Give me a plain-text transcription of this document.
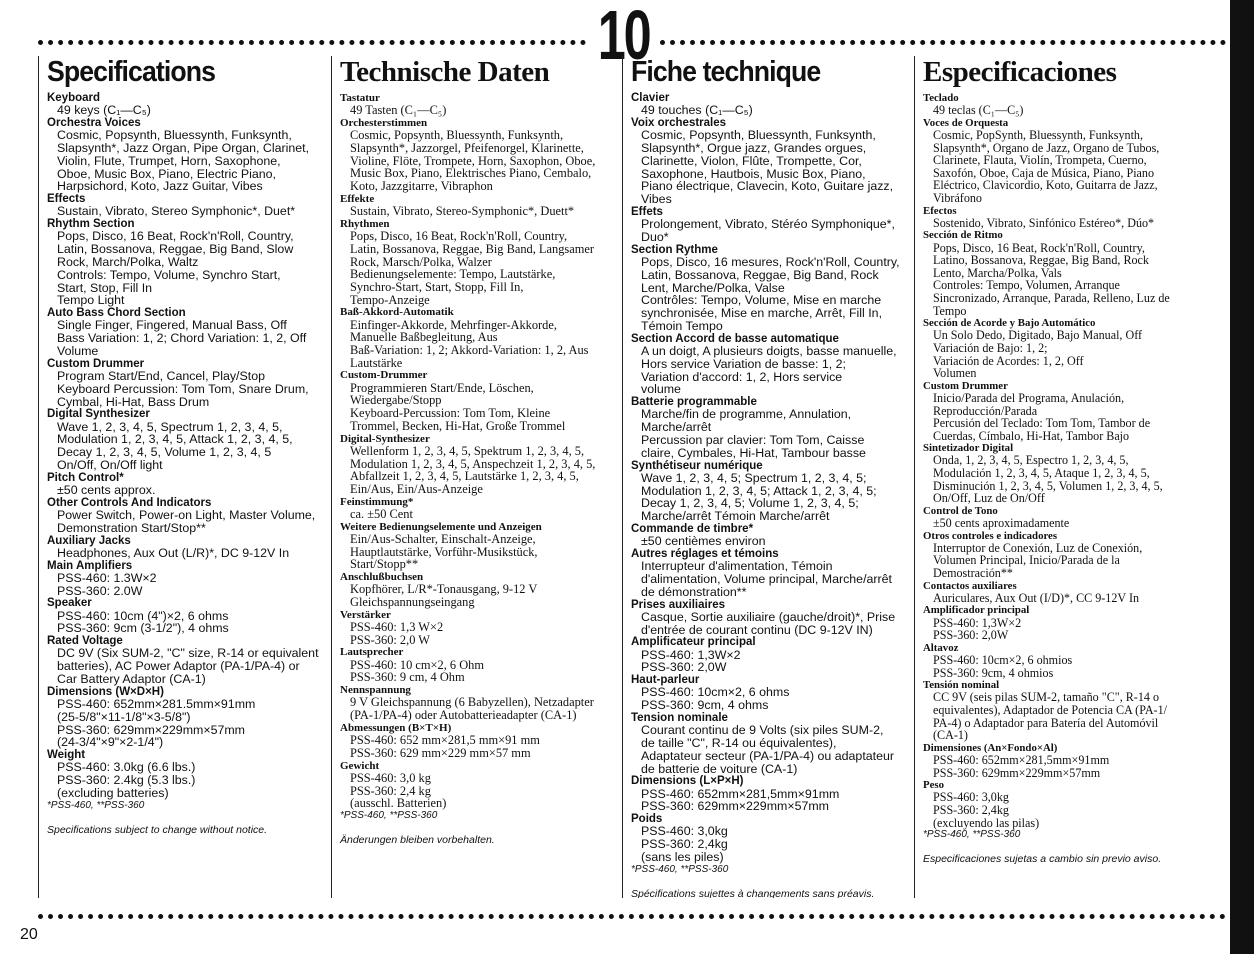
10
Specifications
Keyboard
49 keys (C₁—C₅)
Orchestra Voices
Cosmic, Popsynth, Bluessynth, Funksynth,
Slapsynth*, Jazz Organ, Pipe Organ, Clarinet,
Violin, Flute, Trumpet, Horn, Saxophone,
Oboe, Music Box, Piano, Electric Piano,
Harpsichord, Koto, Jazz Guitar, Vibes
Effects
Sustain, Vibrato, Stereo Symphonic*, Duet*
Rhythm Section
Pops, Disco, 16 Beat, Rock'n'Roll, Country,
Latin, Bossanova, Reggae, Big Band, Slow
Rock, March/Polka, Waltz
Controls: Tempo, Volume, Synchro Start,
Start, Stop, Fill In
Tempo Light
Auto Bass Chord Section
Single Finger, Fingered, Manual Bass, Off
Bass Variation: 1, 2; Chord Variation: 1, 2, Off
Volume
Custom Drummer
Program Start/End, Cancel, Play/Stop
Keyboard Percussion: Tom Tom, Snare Drum,
Cymbal, Hi-Hat, Bass Drum
Digital Synthesizer
Wave 1, 2, 3, 4, 5, Spectrum 1, 2, 3, 4, 5,
Modulation 1, 2, 3, 4, 5, Attack 1, 2, 3, 4, 5,
Decay 1, 2, 3, 4, 5, Volume 1, 2, 3, 4, 5
On/Off, On/Off light
Pitch Control*
±50 cents approx.
Other Controls And Indicators
Power Switch, Power-on Light, Master Volume,
Demonstration Start/Stop**
Auxiliary Jacks
Headphones, Aux Out (L/R)*, DC 9-12V In
Main Amplifiers
PSS-460: 1.3W×2
PSS-360: 2.0W
Speaker
PSS-460: 10cm (4")×2, 6 ohms
PSS-360: 9cm (3-1/2"), 4 ohms
Rated Voltage
DC 9V (Six SUM-2, "C" size, R-14 or equivalent
batteries), AC Power Adaptor (PA-1/PA-4) or
Car Battery Adaptor (CA-1)
Dimensions (W×D×H)
PSS-460: 652mm×281.5mm×91mm
(25-5/8"×11-1/8"×3-5/8")
PSS-360: 629mm×229mm×57mm
(24-3/4"×9"×2-1/4")
Weight
PSS-460: 3.0kg (6.6 lbs.)
PSS-360: 2.4kg (5.3 lbs.)
(excluding batteries)
*PSS-460, **PSS-360
Specifications subject to change without notice.
Technische Daten
Tastatur
49 Tasten (C₁—C₅)
Orchesterstimmen
Cosmic, Popsynth, Bluessynth, Funksynth,
Slapsynth*, Jazzorgel, Pfeifenorgel, Klarinette,
Violine, Flöte, Trompete, Horn, Saxophon, Oboe,
Music Box, Piano, Elektrisches Piano, Cembalo,
Koto, Jazzgitarre, Vibraphon
Effekte
Sustain, Vibrato, Stereo-Symphonic*, Duett*
Rhythmen
Pops, Disco, 16 Beat, Rock'n'Roll, Country,
Latin, Bossanova, Reggae, Big Band, Langsamer
Rock, Marsch/Polka, Walzer
Bedienungselemente: Tempo, Lautstärke,
Synchro-Start, Start, Stopp, Fill In,
Tempo-Anzeige
Baß-Akkord-Automatik
Einfinger-Akkorde, Mehrfinger-Akkorde,
Manuelle Baßbegleitung, Aus
Baß-Variation: 1, 2; Akkord-Variation: 1, 2, Aus
Lautstärke
Custom-Drummer
Programmieren Start/Ende, Löschen,
Wiedergabe/Stopp
Keyboard-Percussion: Tom Tom, Kleine
Trommel, Becken, Hi-Hat, Große Trommel
Digital-Synthesizer
Wellenform 1, 2, 3, 4, 5, Spektrum 1, 2, 3, 4, 5,
Modulation 1, 2, 3, 4, 5, Anspechzeit 1, 2, 3, 4, 5,
Abfallzeit 1, 2, 3, 4, 5, Lautstärke 1, 2, 3, 4, 5,
Ein/Aus, Ein/Aus-Anzeige
Feinstimmung*
ca. ±50 Cent
Weitere Bedienungselemente und Anzeigen
Ein/Aus-Schalter, Einschalt-Anzeige,
Hauptlautstärke, Vorführ-Musikstück,
Start/Stopp**
Anschlußbuchsen
Kopfhörer, L/R*-Tonausgang, 9-12 V
Gleichspannungseingang
Verstärker
PSS-460: 1,3 W×2
PSS-360: 2,0 W
Lautsprecher
PSS-460: 10 cm×2, 6 Ohm
PSS-360: 9 cm, 4 Ohm
Nennspannung
9 V Gleichspannung (6 Babyzellen), Netzadapter
(PA-1/PA-4) oder Autobatterieadapter (CA-1)
Abmessungen (B×T×H)
PSS-460: 652 mm×281,5 mm×91 mm
PSS-360: 629 mm×229 mm×57 mm
Gewicht
PSS-460: 3,0 kg
PSS-360: 2,4 kg
(ausschl. Batterien)
*PSS-460, **PSS-360
Änderungen bleiben vorbehalten.
Fiche technique
Clavier
49 touches (C₁—C₅)
Voix orchestrales
Cosmic, Popsynth, Bluessynth, Funksynth,
Slapsynth*, Orgue jazz, Grandes orgues,
Clarinette, Violon, Flûte, Trompette, Cor,
Saxophone, Hautbois, Music Box, Piano,
Piano électrique, Clavecin, Koto, Guitare jazz,
Vibes
Effets
Prolongement, Vibrato, Stéréo Symphonique*,
Duo*
Section Rythme
Pops, Disco, 16 mesures, Rock'n'Roll, Country,
Latin, Bossanova, Reggae, Big Band, Rock
Lent, Marche/Polka, Valse
Contrôles: Tempo, Volume, Mise en marche
synchronisée, Mise en marche, Arrêt, Fill In,
Témoin Tempo
Section Accord de basse automatique
A un doigt, A plusieurs doigts, basse manuelle,
Hors service Variation de basse: 1, 2;
Variation d'accord: 1, 2, Hors service
volume
Batterie programmable
Marche/fin de programme, Annulation,
Marche/arrêt
Percussion par clavier: Tom Tom, Caisse
claire, Cymbales, Hi-Hat, Tambour basse
Synthétiseur numérique
Wave 1, 2, 3, 4, 5; Spectrum 1, 2, 3, 4, 5;
Modulation 1, 2, 3, 4, 5; Attack 1, 2, 3, 4, 5;
Decay 1, 2, 3, 4, 5; Volume 1, 2, 3, 4, 5;
Marche/arrêt Témoin Marche/arrêt
Commande de timbre*
±50 centièmes environ
Autres réglages et témoins
Interrupteur d'alimentation, Témoin
d'alimentation, Volume principal, Marche/arrêt
de démonstration**
Prises auxiliaires
Casque, Sortie auxiliaire (gauche/droit)*, Prise
d'entrée de courant continu (DC 9-12V IN)
Amplificateur principal
PSS-460: 1,3W×2
PSS-360: 2,0W
Haut-parleur
PSS-460: 10cm×2, 6 ohms
PSS-360: 9cm, 4 ohms
Tension nominale
Courant continu de 9 Volts (six piles SUM-2,
de taille "C", R-14 ou équivalentes),
Adaptateur secteur (PA-1/PA-4) ou adaptateur
de batterie de voiture (CA-1)
Dimensions (L×P×H)
PSS-460: 652mm×281,5mm×91mm
PSS-360: 629mm×229mm×57mm
Poids
PSS-460: 3,0kg
PSS-360: 2,4kg
(sans les piles)
*PSS-460, **PSS-360
Spécifications sujettes à changements sans préavis.
Especificaciones
Teclado
49 teclas (C₁—C₅)
Voces de Orquesta
Cosmic, PopSynth, Bluessynth, Funksynth,
Slapsynth*, Organo de Jazz, Organo de Tubos,
Clarinete, Flauta, Violín, Trompeta, Cuerno,
Saxofón, Oboe, Caja de Música, Piano, Piano
Eléctrico, Clavicordio, Koto, Guitarra de Jazz,
Vibráfono
Efectos
Sostenido, Vibrato, Sinfónico Estéreo*, Dúo*
Sección de Ritmo
Pops, Disco, 16 Beat, Rock'n'Roll, Country,
Latino, Bossanova, Reggae, Big Band, Rock
Lento, Marcha/Polka, Vals
Controles: Tempo, Volumen, Arranque
Sincronizado, Arranque, Parada, Relleno, Luz de
Tempo
Sección de Acorde y Bajo Automático
Un Solo Dedo, Digitado, Bajo Manual, Off
Variación de Bajo: 1, 2;
Variación de Acordes: 1, 2, Off
Volumen
Custom Drummer
Inicio/Parada del Programa, Anulación,
Reproducción/Parada
Percusión del Teclado: Tom Tom, Tambor de
Cuerdas, Címbalo, Hi-Hat, Tambor Bajo
Sintetizador Digital
Onda, 1, 2, 3, 4, 5, Espectro 1, 2, 3, 4, 5,
Modulación 1, 2, 3, 4, 5, Ataque 1, 2, 3, 4, 5,
Disminución 1, 2, 3, 4, 5, Volumen 1, 2, 3, 4, 5,
On/Off, Luz de On/Off
Control de Tono
±50 cents aproximadamente
Otros controles e indicadores
Interruptor de Conexión, Luz de Conexión,
Volumen Principal, Inicio/Parada de la
Demostración**
Contactos auxiliares
Auriculares, Aux Out (I/D)*, CC 9-12V In
Amplificador principal
PSS-460: 1,3W×2
PSS-360: 2,0W
Altavoz
PSS-460: 10cm×2, 6 ohmios
PSS-360: 9cm, 4 ohmios
Tensión nominal
CC 9V (seis pilas SUM-2, tamaño "C", R-14 o
equivalentes), Adaptador de Potencia CA (PA-1/
PA-4) o Adaptador para Batería del Automóvil
(CA-1)
Dimensiones (An×Fondo×Al)
PSS-460: 652mm×281,5mm×91mm
PSS-360: 629mm×229mm×57mm
Peso
PSS-460: 3,0kg
PSS-360: 2,4kg
(excluyendo las pilas)
*PSS-460, **PSS-360
Especificaciones sujetas a cambio sin previo aviso.
20
